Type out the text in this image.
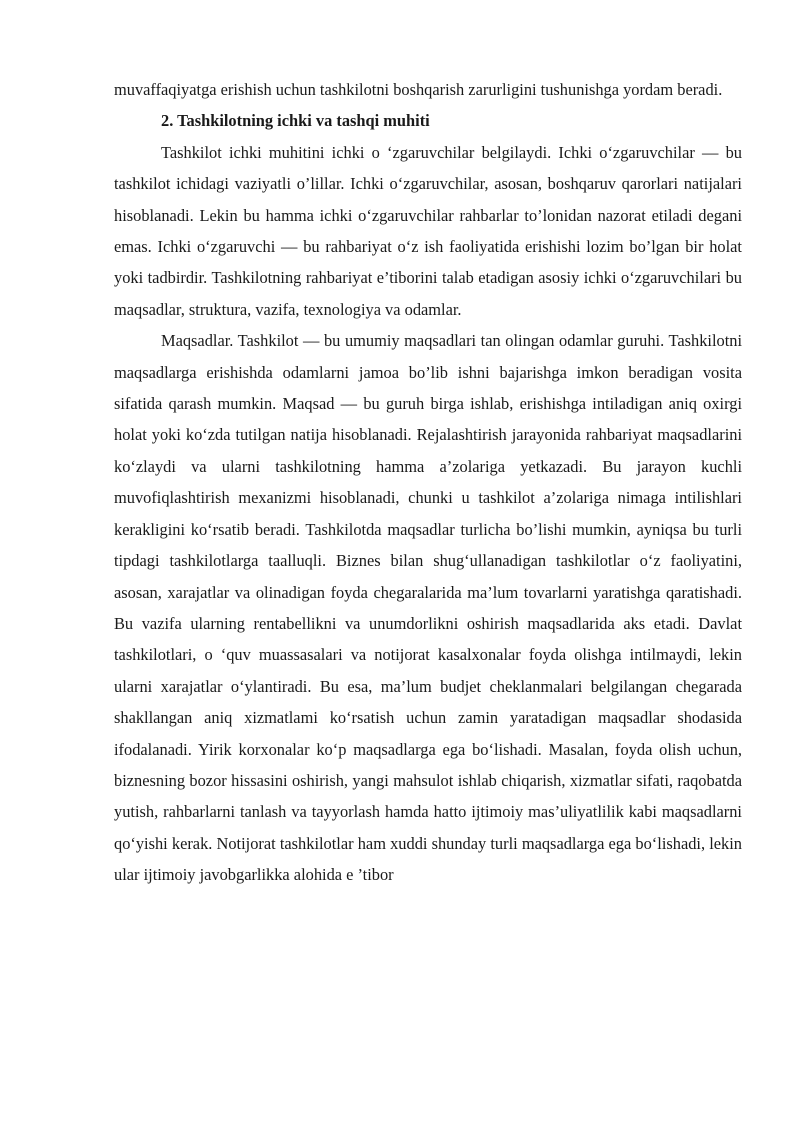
muvaffaqiyatga erishish uchun tashkilotni boshqarish zarurligini tushunishga yordam beradi.

2. Tashkilotning ichki va tashqi muhiti

Tashkilot ichki muhitini ichki o ‘zgaruvchilar belgilaydi. Ichki o‘zgaruvchilar — bu tashkilot ichidagi vaziyatli o’lillar. Ichki o‘zgaruvchilar, asosan, boshqaruv qarorlari natijalari hisoblanadi. Lekin bu hamma ichki o‘zgaruvchilar rahbarlar to’lonidan nazorat etiladi degani emas. Ichki o‘zgaruvchi — bu rahbariyat o‘z ish faoliyatida erishishi lozim bo’lgan bir holat yoki tadbirdir. Tashkilotning rahbariyat e’tiborini talab etadigan asosiy ichki o‘zgaruvchilari bu maqsadlar, struktura, vazifa, texnologiya va odamlar.

Maqsadlar. Tashkilot — bu umumiy maqsadlari tan olingan odamlar guruhi. Tashkilotni maqsadlarga erishishda odamlarni jamoa bo’lib ishni bajarishga imkon beradigan vosita sifatida qarash mumkin. Maqsad — bu guruh birga ishlab, erishishga intiladigan aniq oxirgi holat yoki ko‘zda tutilgan natija hisoblanadi. Rejalashtirish jarayonida rahbariyat maqsadlarini ko‘zlaydi va ularni tashkilotning hamma a’zolariga yetkazadi. Bu jarayon kuchli muvofiqlashtirish mexanizmi hisoblanadi, chunki u tashkilot a’zolariga nimaga intilishlari kerakligini ko‘rsatib beradi. Tashkilotda maqsadlar turlicha bo’lishi mumkin, ayniqsa bu turli tipdagi tashkilotlarga taalluqli. Biznes bilan shug‘ullanadigan tashkilotlar o‘z faoliyatini, asosan, xarajatlar va olinadigan foyda chegaralarida ma’lum tovarlarni yaratishga qaratishadi. Bu vazifa ularning rentabellikni va unumdorlikni oshirish maqsadlarida aks etadi. Davlat tashkilotlari, o ‘quv muassasalari va notijorat kasalxonalar foyda olishga intilmaydi, lekin ularni xarajatlar o‘ylantiradi. Bu esa, ma’lum budjet cheklanmalari belgilangan chegarada shakllangan aniq xizmatlami ko‘rsatish uchun zamin yaratadigan maqsadlar shodasida ifodalanadi. Yirik korxonalar ko‘p maqsadlarga ega bo‘lishadi. Masalan, foyda olish uchun, biznesning bozor hissasini oshirish, yangi mahsulot ishlab chiqarish, xizmatlar sifati, raqobatda yutish, rahbarlarni tanlash va tayyorlash hamda hatto ijtimoiy mas’uliyatlilik kabi maqsadlarni qo‘yishi kerak. Notijorat tashkilotlar ham xuddi shunday turli maqsadlarga ega bo‘lishadi, lekin ular ijtimoiy javobgarlikka alohida e ’tibor
